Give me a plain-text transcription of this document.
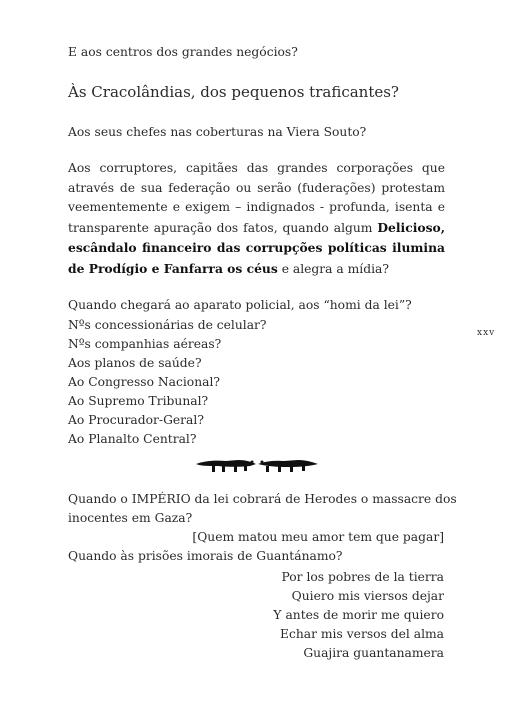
E aos centros dos grandes negócios?
Às Cracolândias, dos pequenos traficantes?
Aos seus chefes nas coberturas na Viera Souto?
Aos corruptores, capitães das grandes corporações que através de sua federação ou serão (fuderações) protestam veementemente e exigem – indignados - profunda, isenta e transparente apuração dos fatos, quando algum Delicioso, escândalo financeiro das corrupções políticas ilumina de Prodígio e Fanfarra os céus e alegra a mídia?
Quando chegará ao aparato policial, aos “homi da lei”?
Nºs concessionárias de celular?
Nºs companhias aéreas?
Aos planos de saúde?
Ao Congresso Nacional?
Ao Supremo Tribunal?
Ao Procurador-Geral?
Ao Planalto Central?
xxv
Quando o IMPÉRIO da lei cobrará de Herodes o massacre dos
inocentes em Gaza?
[Quem matou meu amor tem que pagar]
Quando às prisões imorais de Guantánamo?
Por los pobres de la tierra
Quiero mis viersos dejar
Y antes de morir me quiero
Echar mis versos del alma
Guajira guantanamera
